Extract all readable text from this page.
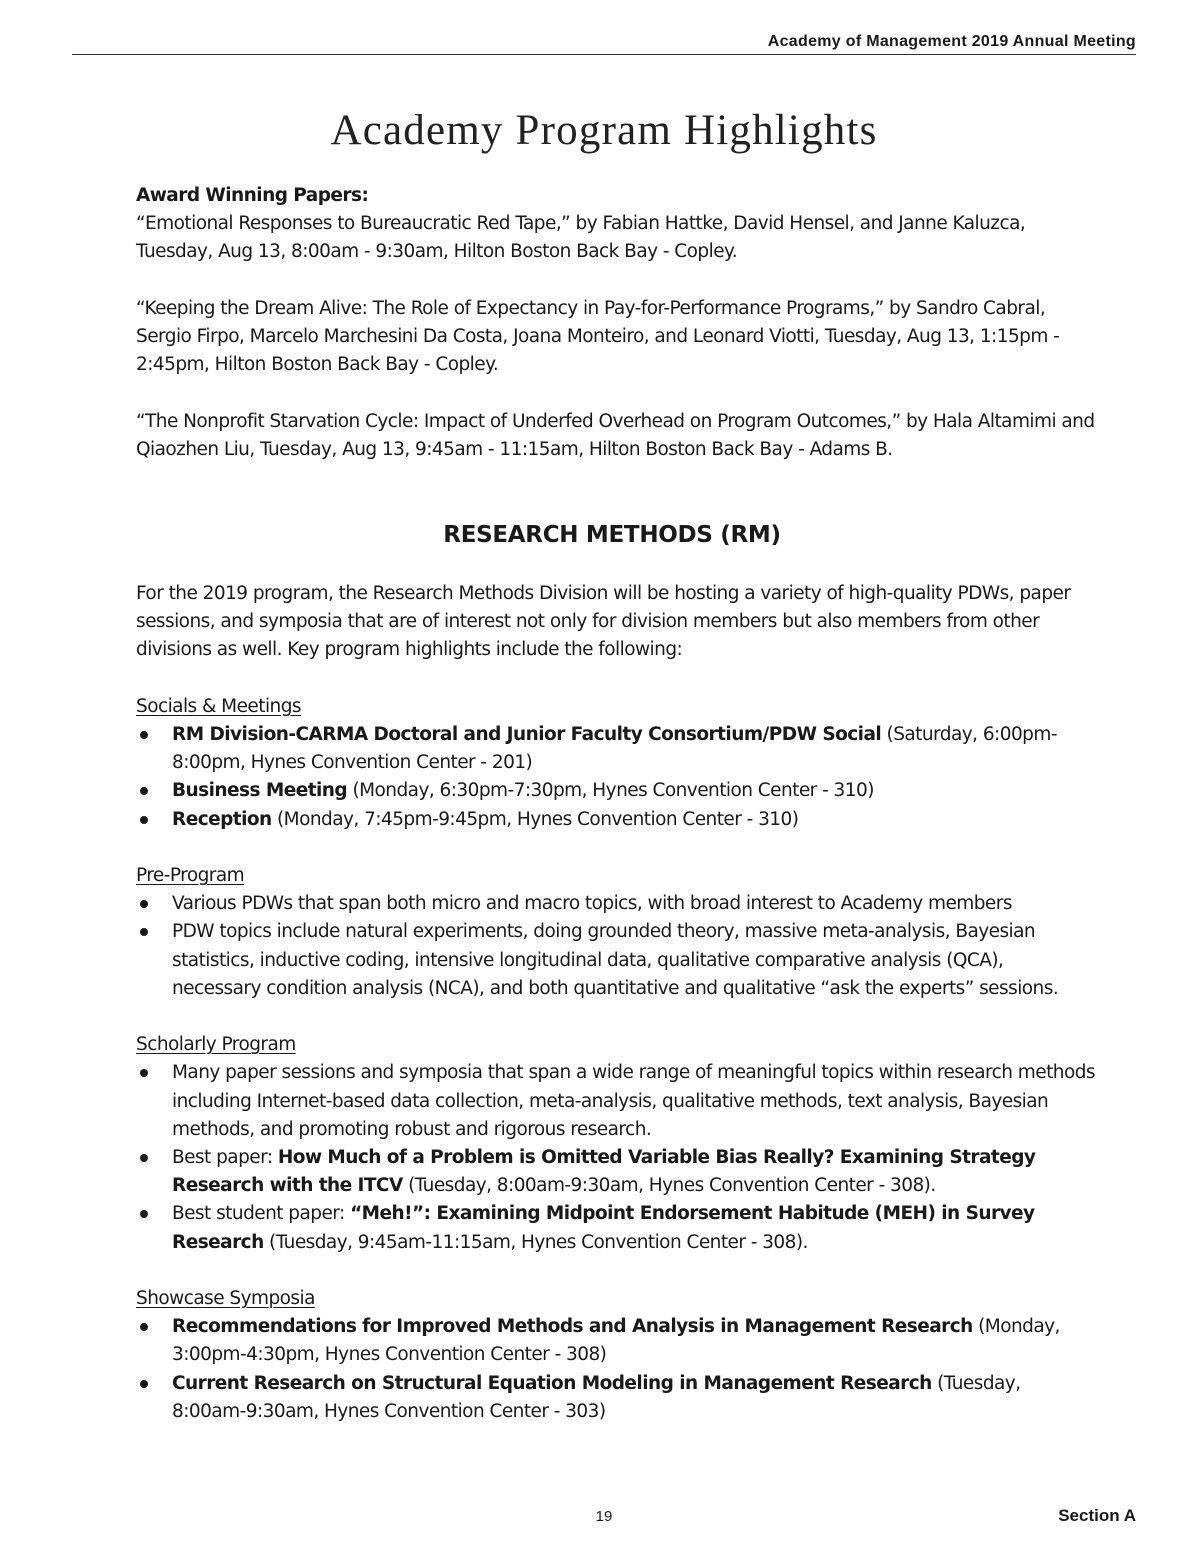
Academy of Management 2019 Annual Meeting
Academy Program Highlights

Award Winning Papers:

“Emotional Responses to Bureaucratic Red Tape,” by Fabian Hattke, David Hensel, and Janne Kaluzca, Tuesday, Aug 13, 8:00am - 9:30am, Hilton Boston Back Bay - Copley.

“Keeping the Dream Alive: The Role of Expectancy in Pay-for-Performance Programs,” by Sandro Cabral, Sergio Firpo, Marcelo Marchesini Da Costa, Joana Monteiro, and Leonard Viotti, Tuesday, Aug 13, 1:15pm - 2:45pm, Hilton Boston Back Bay - Copley.

“The Nonprofit Starvation Cycle: Impact of Underfed Overhead on Program Outcomes,” by Hala Altamimi and Qiaozhen Liu, Tuesday, Aug 13, 9:45am - 11:15am, Hilton Boston Back Bay - Adams B.

RESEARCH METHODS (RM)

For the 2019 program, the Research Methods Division will be hosting a variety of high-quality PDWs, paper sessions, and symposia that are of interest not only for division members but also members from other divisions as well. Key program highlights include the following:

Socials & Meetings

RM Division-CARMA Doctoral and Junior Faculty Consortium/PDW Social (Saturday, 6:00pm-8:00pm, Hynes Convention Center - 201)
Business Meeting (Monday, 6:30pm-7:30pm, Hynes Convention Center - 310)
Reception (Monday, 7:45pm-9:45pm, Hynes Convention Center - 310)

Pre-Program

Various PDWs that span both micro and macro topics, with broad interest to Academy members
PDW topics include natural experiments, doing grounded theory, massive meta-analysis, Bayesian statistics, inductive coding, intensive longitudinal data, qualitative comparative analysis (QCA), necessary condition analysis (NCA), and both quantitative and qualitative “ask the experts” sessions.

Scholarly Program

Many paper sessions and symposia that span a wide range of meaningful topics within research methods including Internet-based data collection, meta-analysis, qualitative methods, text analysis, Bayesian methods, and promoting robust and rigorous research.
Best paper: How Much of a Problem is Omitted Variable Bias Really? Examining Strategy Research with the ITCV (Tuesday, 8:00am-9:30am, Hynes Convention Center - 308).
Best student paper: “Meh!”: Examining Midpoint Endorsement Habitude (MEH) in Survey Research (Tuesday, 9:45am-11:15am, Hynes Convention Center - 308).

Showcase Symposia

Recommendations for Improved Methods and Analysis in Management Research (Monday, 3:00pm-4:30pm, Hynes Convention Center - 308)
Current Research on Structural Equation Modeling in Management Research (Tuesday, 8:00am-9:30am, Hynes Convention Center - 303)
19	Section A
